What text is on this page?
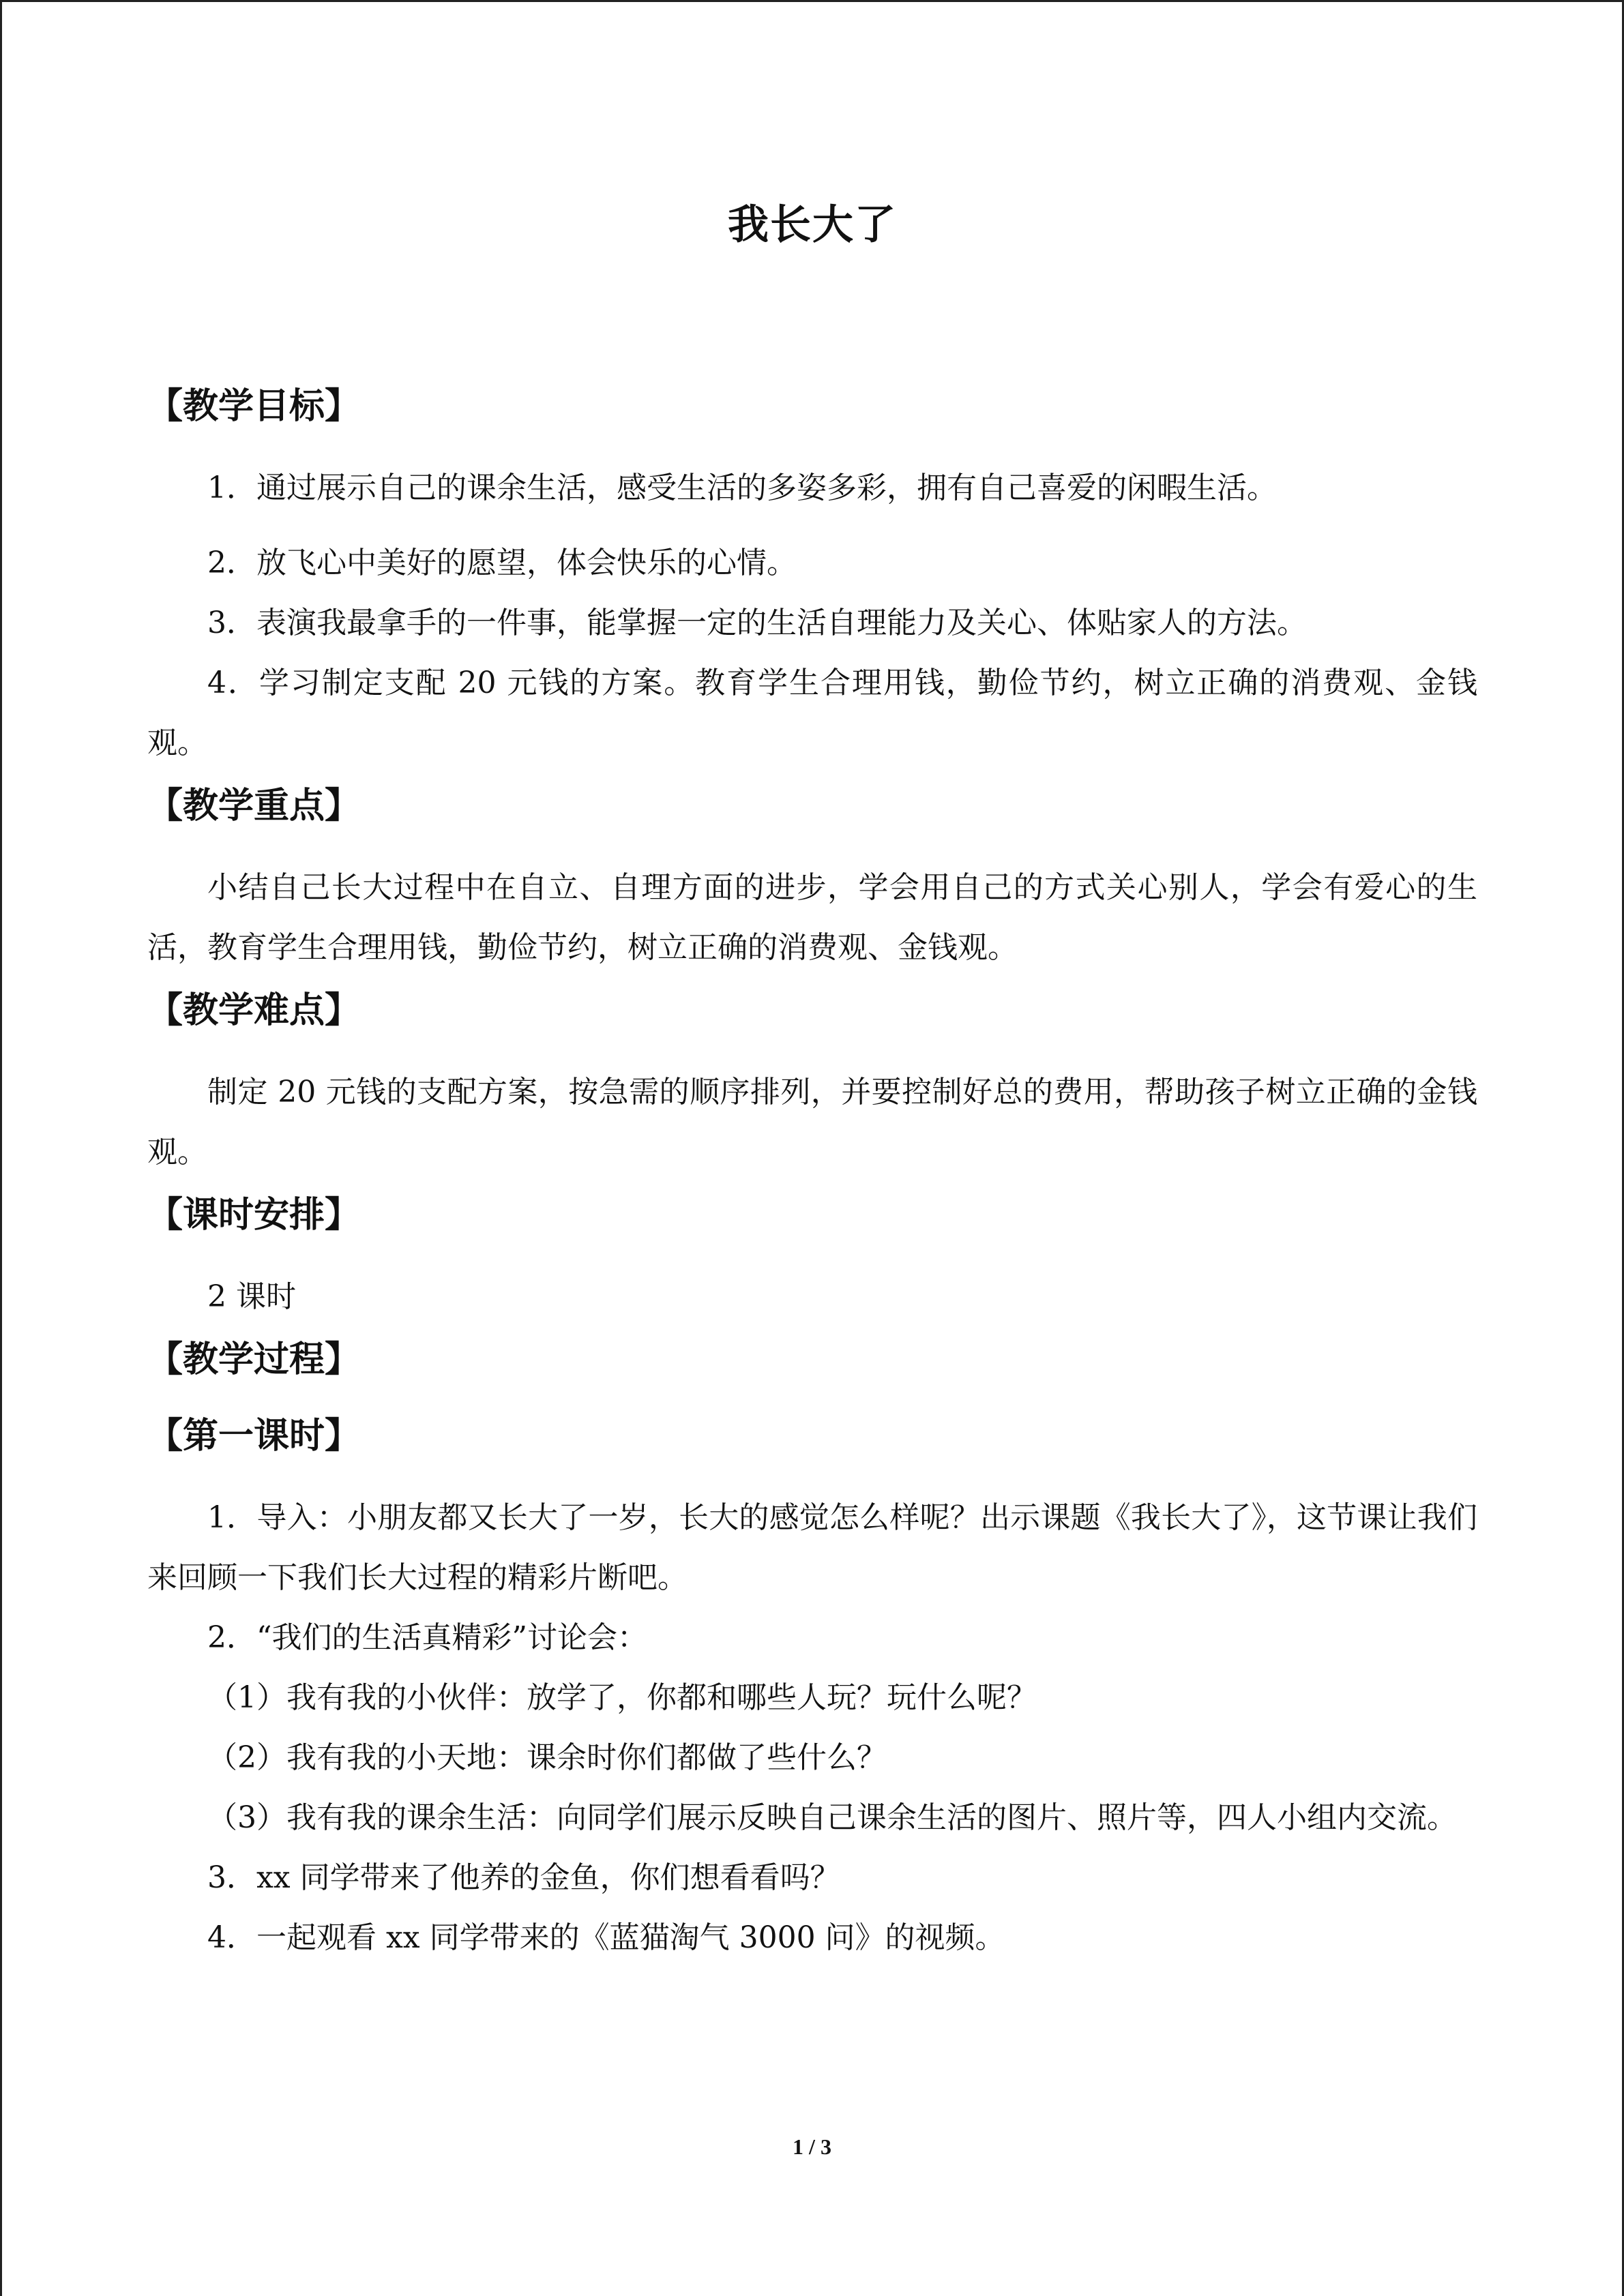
我长大了
【教学目标】

1．通过展示自己的课余生活，感受生活的多姿多彩，拥有自己喜爱的闲暇生活。

2．放飞心中美好的愿望，体会快乐的心情。

3．表演我最拿手的一件事，能掌握一定的生活自理能力及关心、体贴家人的方法。

4．学习制定支配 20 元钱的方案。教育学生合理用钱，勤俭节约，树立正确的消费观、金钱观。

【教学重点】

小结自己长大过程中在自立、自理方面的进步，学会用自己的方式关心别人，学会有爱心的生活，教育学生合理用钱，勤俭节约，树立正确的消费观、金钱观。

【教学难点】

制定 20 元钱的支配方案，按急需的顺序排列，并要控制好总的费用，帮助孩子树立正确的金钱观。

【课时安排】

2 课时

【教学过程】
【第一课时】

1．导入：小朋友都又长大了一岁，长大的感觉怎么样呢？出示课题《我长大了》，这节课让我们来回顾一下我们长大过程的精彩片断吧。

2．“我们的生活真精彩”讨论会：

（1）我有我的小伙伴：放学了，你都和哪些人玩？玩什么呢？

（2）我有我的小天地：课余时你们都做了些什么？

（3）我有我的课余生活：向同学们展示反映自己课余生活的图片、照片等，四人小组内交流。

3．xx 同学带来了他养的金鱼，你们想看看吗？

4．一起观看 xx 同学带来的《蓝猫淘气 3000 问》的视频。

1 / 3
